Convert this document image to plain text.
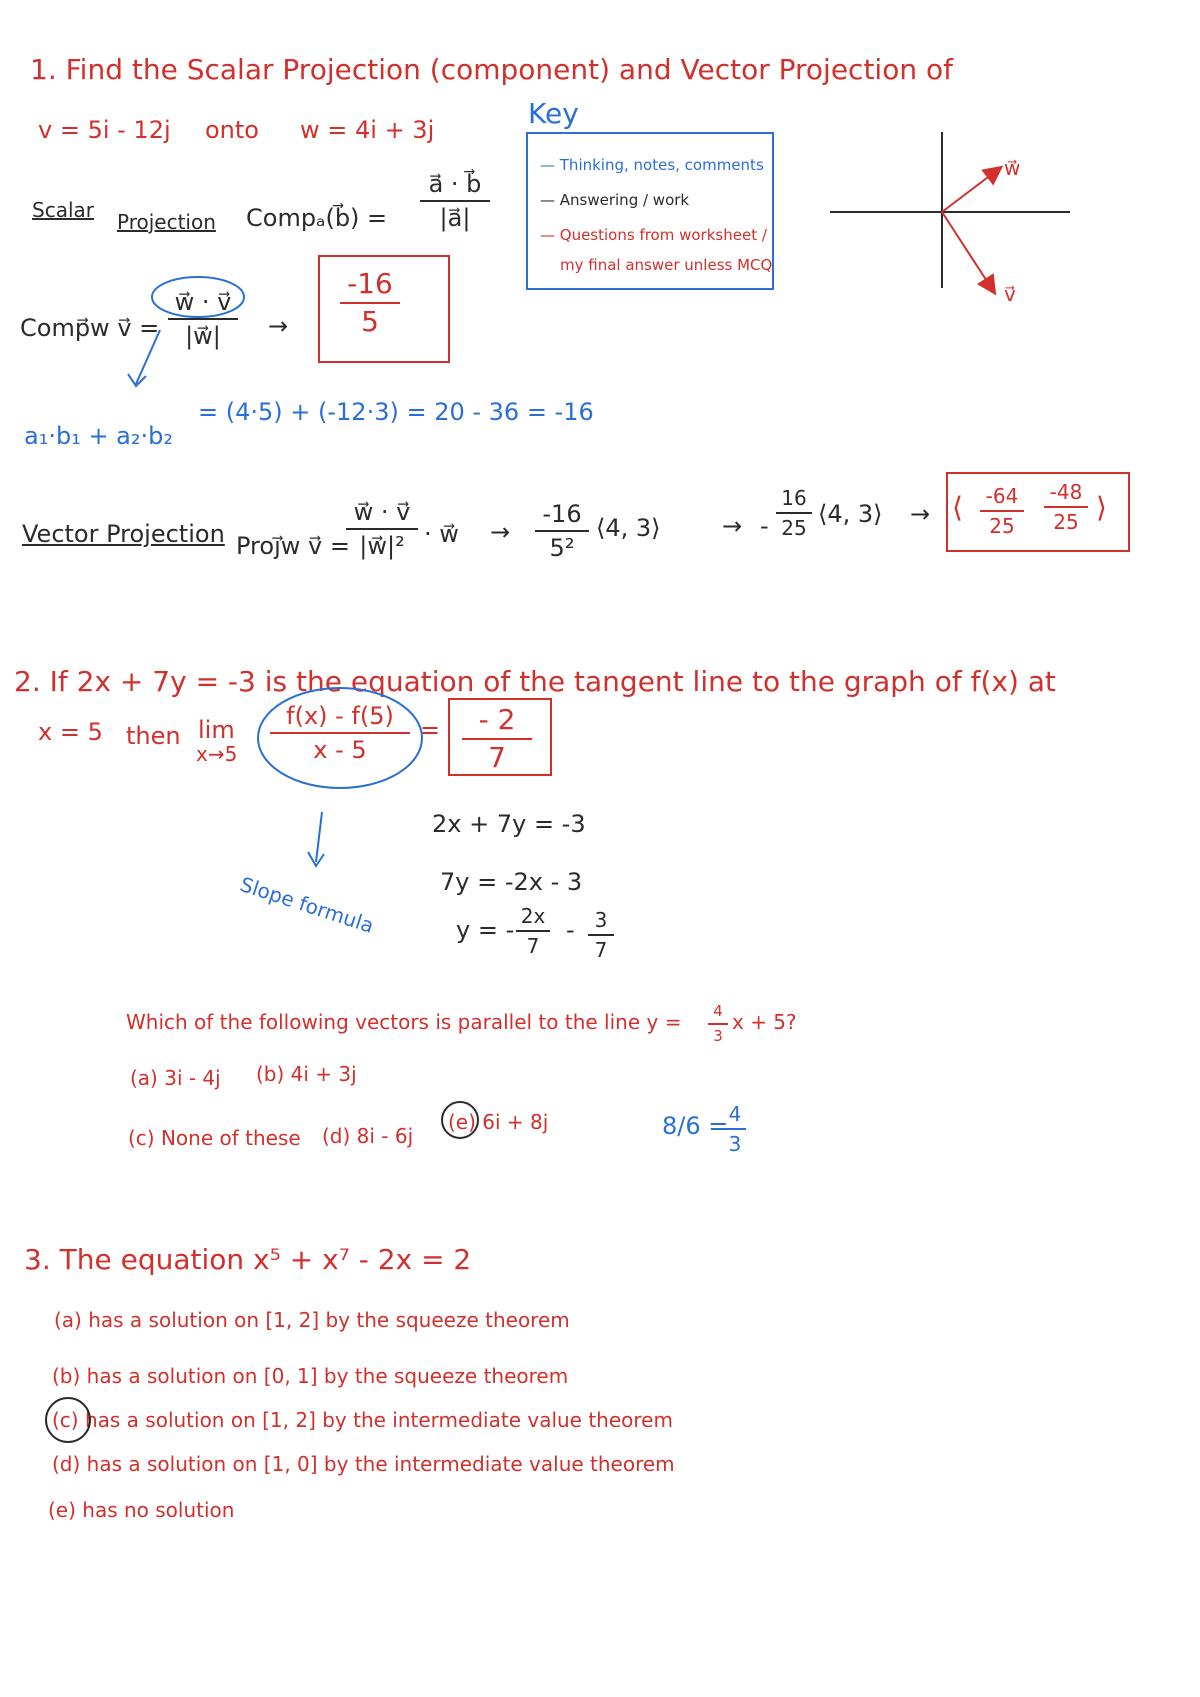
1. Find the Scalar Projection (component) and Vector Projection of
v = 5i - 12j onto w = 4i + 3j	Key
— Thinking, notes, comments
— Answering / work
— Questions from worksheet /
my final answer unless MCQ
w⃗
v⃗
Scalar Projection Compₐ(b⃗) =
a⃗ · b⃗
|a⃗|
Comp⃗w v⃗ =
w⃗ · v⃗
|w⃗|	→
-16
5
a₁·b₁ + a₂·b₂
= (4·5) + (-12·3) = 20 - 36 = -16
Vector Projection Proj⃗w v⃗ =
w⃗ · v⃗
|w⃗|² · w⃗ →
-16
5²
⟨4, 3⟩	→ -
16
25 ⟨4, 3⟩ → ⟨ -64
25
-48
25 ⟩
2. If 2x + 7y = -3 is the equation of the tangent line to the graph of f(x) at
x = 5 then lim
x→5
f(x) - f(5)
x - 5
=	- 2
7
Slope formula
2x + 7y = -3
7y = -2x - 3
y = - 2x
7
- 3
7
Which of the following vectors is parallel to the line y =	4
3
x + 5?
(a) 3i - 4j (b) 4i + 3j
(c) None of these (d) 8i - 6j
(e) 6i + 8j	8/6 = 4
3
3. The equation x⁵ + x⁷ - 2x = 2
(a) has a solution on [1, 2] by the squeeze theorem
(b) has a solution on [0, 1] by the squeeze theorem
(c) has a solution on [1, 2] by the intermediate value theorem
(d) has a solution on [1, 0] by the intermediate value theorem
(e) has no solution
